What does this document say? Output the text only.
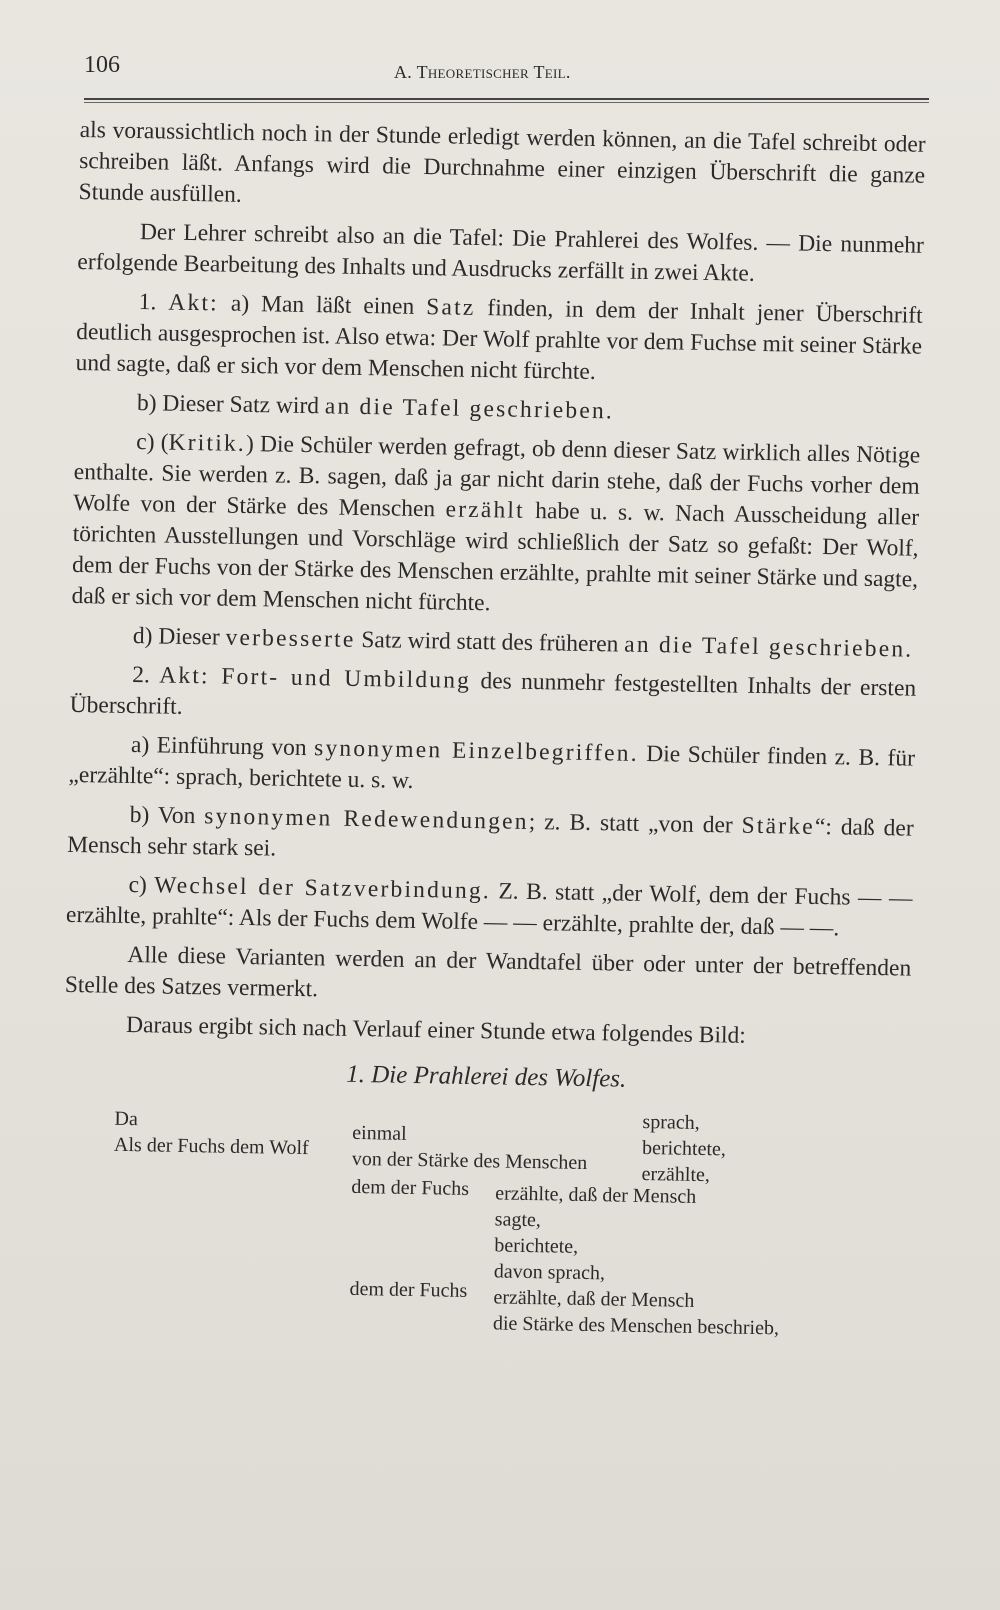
106	A. Theoretischer Teil.

als voraussichtlich noch in der Stunde erledigt werden können, an die Tafel schreibt oder schreiben läßt. Anfangs wird die Durchnahme einer einzigen Überschrift die ganze Stunde ausfüllen.

Der Lehrer schreibt also an die Tafel: Die Prahlerei des Wolfes. — Die nunmehr erfolgende Bearbeitung des Inhalts und Ausdrucks zerfällt in zwei Akte.

1. Akt: a) Man läßt einen Satz finden, in dem der Inhalt jener Überschrift deutlich ausgesprochen ist. Also etwa: Der Wolf prahlte vor dem Fuchse mit seiner Stärke und sagte, daß er sich vor dem Menschen nicht fürchte.

b) Dieser Satz wird an die Tafel geschrieben.

c) (Kritik.) Die Schüler werden gefragt, ob denn dieser Satz wirklich alles Nötige enthalte. Sie werden z. B. sagen, daß ja gar nicht darin stehe, daß der Fuchs vorher dem Wolfe von der Stärke des Menschen erzählt habe u. s. w. Nach Ausscheidung aller törichten Ausstellungen und Vorschläge wird schließlich der Satz so gefaßt: Der Wolf, dem der Fuchs von der Stärke des Menschen erzählte, prahlte mit seiner Stärke und sagte, daß er sich vor dem Menschen nicht fürchte.

d) Dieser verbesserte Satz wird statt des früheren an die Tafel geschrieben.

2. Akt: Fort- und Umbildung des nunmehr festgestellten Inhalts der ersten Überschrift.

a) Einführung von synonymen Einzelbegriffen. Die Schüler finden z. B. für „erzählte“: sprach, berichtete u. s. w.

b) Von synonymen Redewendungen; z. B. statt „von der Stärke“: daß der Mensch sehr stark sei.

c) Wechsel der Satzverbindung. Z. B. statt „der Wolf, dem der Fuchs — — erzählte, prahlte“: Als der Fuchs dem Wolfe — — erzählte, prahlte der, daß — —.

Alle diese Varianten werden an der Wandtafel über oder unter der betreffenden Stelle des Satzes vermerkt.

Daraus ergibt sich nach Verlauf einer Stunde etwa folgendes Bild:

1. Die Prahlerei des Wolfes.
Da
Als der Fuchs dem Wolf
einmal
von der Stärke des Menschen
sprach,
berichtete,
erzählte,
dem der Fuchs erzählte, daß der Mensch
sagte,
berichtete,
davon sprach,
dem der Fuchs erzählte, daß der Mensch
die Stärke des Menschen beschrieb,
